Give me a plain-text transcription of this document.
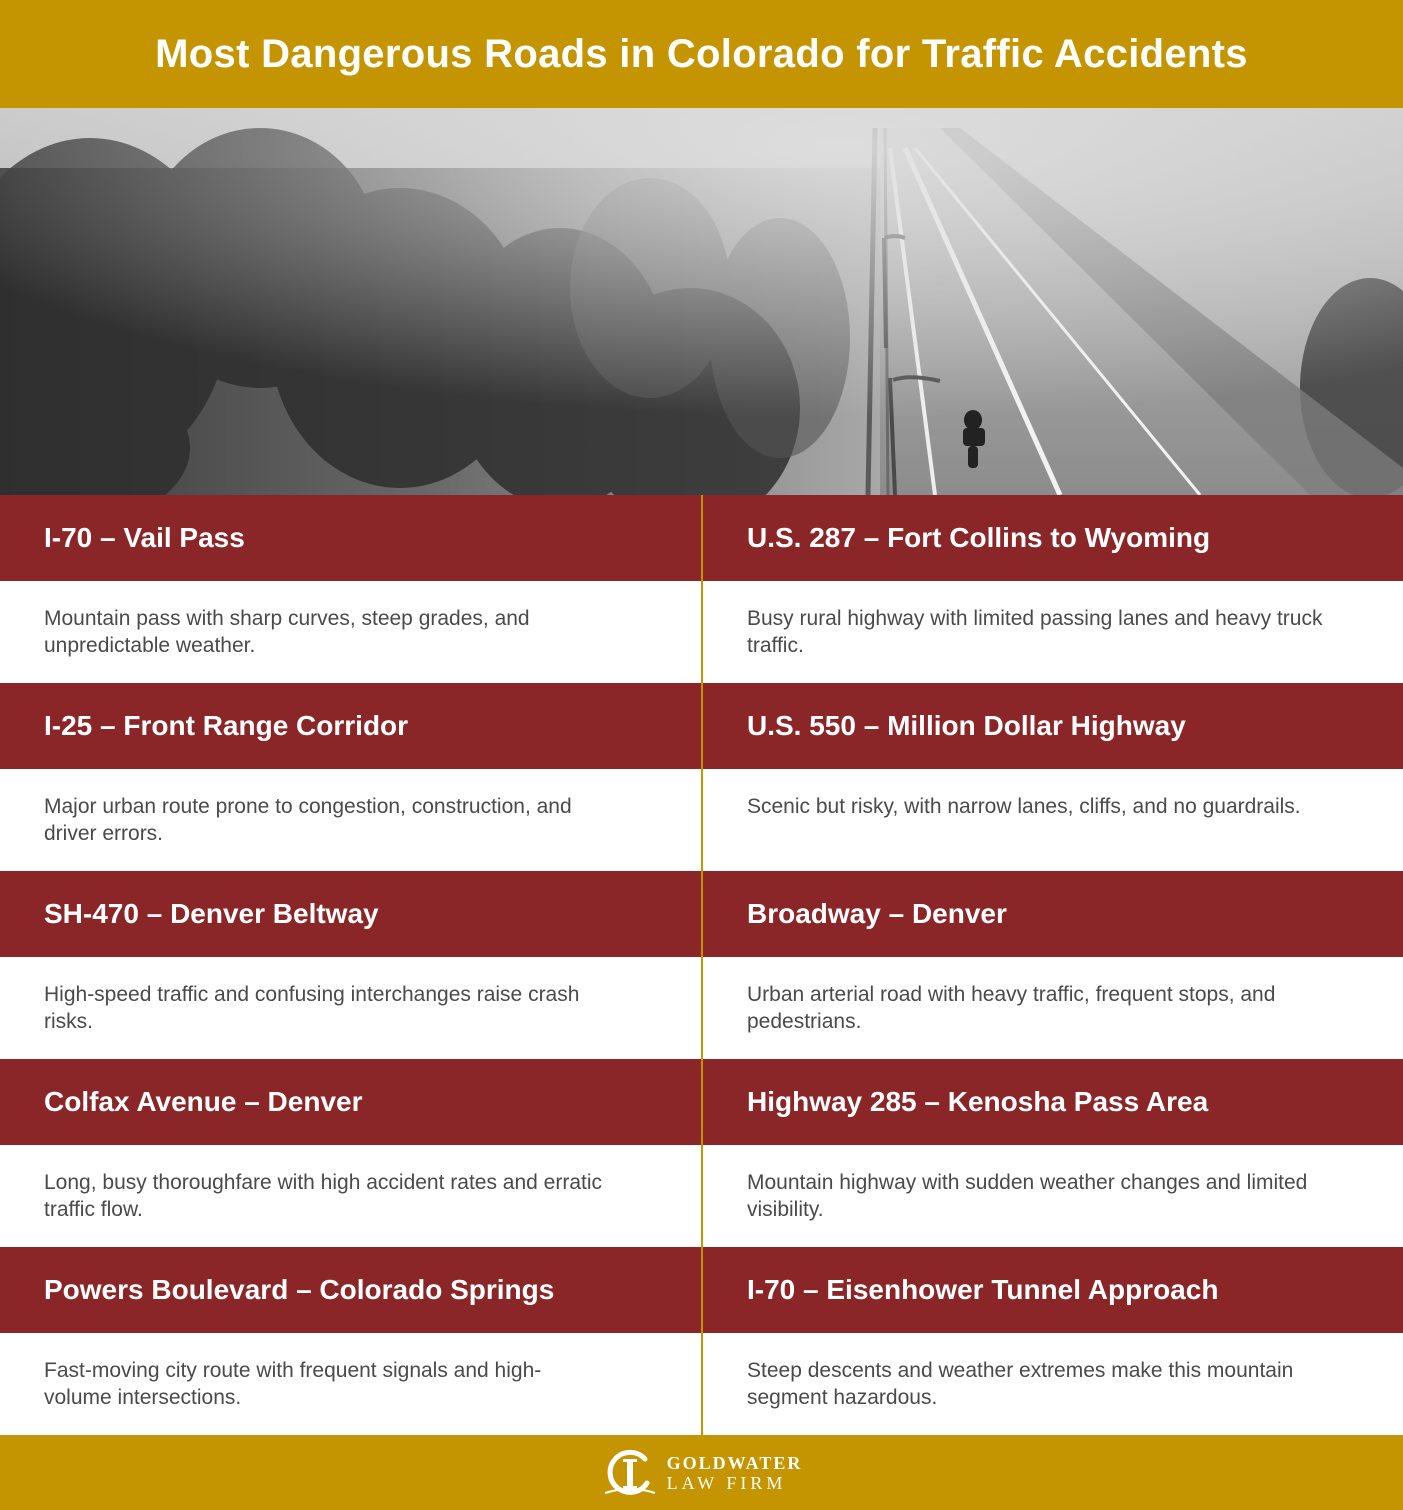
Most Dangerous Roads in Colorado for Traffic Accidents
I-70 – Vail Pass

Mountain pass with sharp curves, steep grades, and unpredictable weather.

I-25 – Front Range Corridor

Major urban route prone to congestion, construction, and driver errors.

SH-470 – Denver Beltway

High-speed traffic and confusing interchanges raise crash risks.

Colfax Avenue – Denver

Long, busy thoroughfare with high accident rates and erratic traffic flow.

Powers Boulevard – Colorado Springs

Fast-moving city route with frequent signals and high-volume intersections.

U.S. 287 – Fort Collins to Wyoming

Busy rural highway with limited passing lanes and heavy truck traffic.

U.S. 550 – Million Dollar Highway

Scenic but risky, with narrow lanes, cliffs, and no guardrails.

Broadway – Denver

Urban arterial road with heavy traffic, frequent stops, and pedestrians.

Highway 285 – Kenosha Pass Area

Mountain highway with sudden weather changes and limited visibility.

I-70 – Eisenhower Tunnel Approach

Steep descents and weather extremes make this mountain segment hazardous.

GOLDWATER
LAW FIRM
